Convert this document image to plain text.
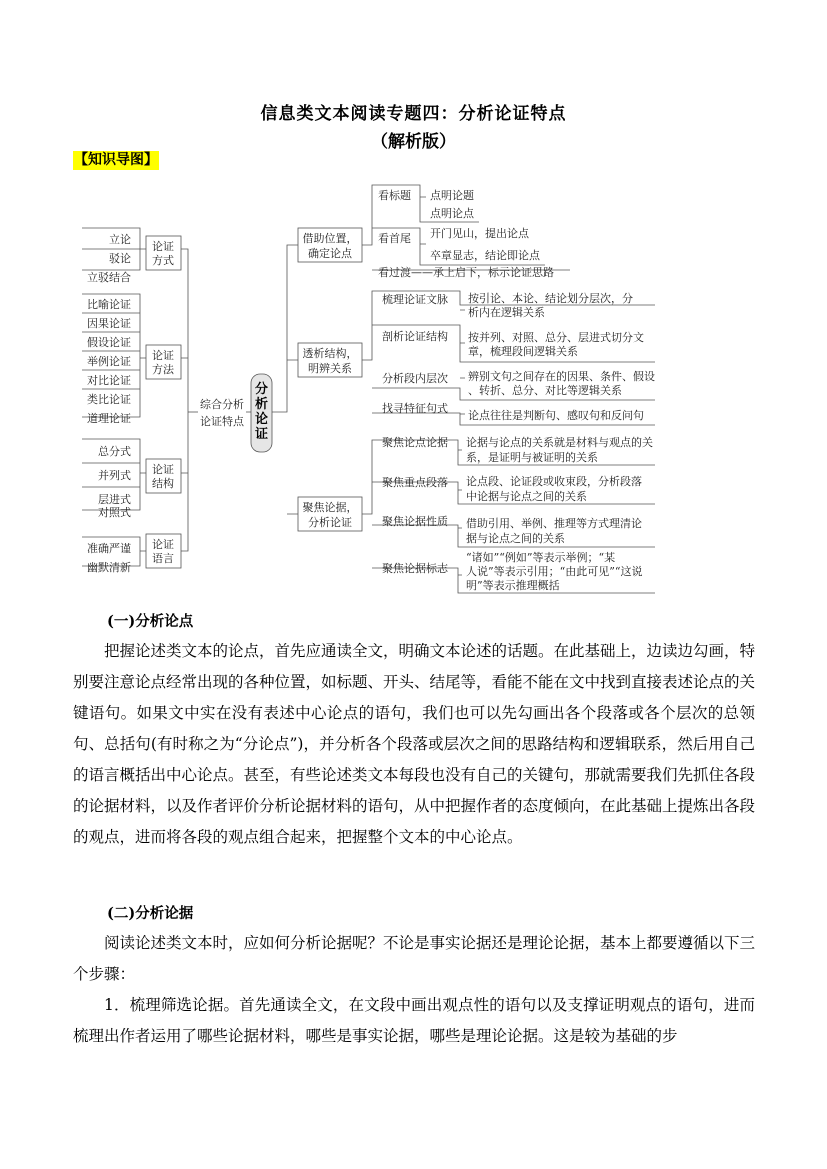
信息类文本阅读专题四：分析论证特点
（解析版）
【知识导图】
立论
驳论
立驳结合
比喻论证
因果论证
假设论证
举例论证
对比论证
类比论证
道理论证
总分式
并列式
层进式
对照式
准确严谨
幽默清新
论证方式
论证方法
论证结构
论证语言
综合分析论证特点
分析论证
借助位置，确定论点
透析结构，明辨关系
聚焦论据，分析论证
看标题 点明论题
点明论点
看首尾 开门见山，提出论点
卒章显志，结论即论点
看过渡——承上启下，标示论证思路
梳理论证文脉 按引论、本论、结论划分层次，分析内在逻辑关系
剖析论证结构 按并列、对照、总分、层进式切分文章，梳理段间逻辑关系
分析段内层次 辨别文句之间存在的因果、条件、假设、转折、总分、对比等逻辑关系
找寻特征句式
论点往往是判断句、感叹句和反问句
聚焦论点论据 论据与论点的关系就是材料与观点的关系，是证明与被证明的关系
聚焦重点段落 论点段、论证段或收束段，分析段落中论据与论点之间的关系
聚焦论据性质 借助引用、举例、推理等方式理清论据与论点之间的关系
聚焦论据标志
“诸如”“例如”等表示举例；“某人说”等表示引用；“由此可见”“这说明”等表示推理概括
(一)分析论点
把握论述类文本的论点，首先应通读全文，明确文本论述的话题。在此基础上，边读边勾画，特别要注意论点经常出现的各种位置，如标题、开头、结尾等，看能不能在文中找到直接表述论点的关键语句。如果文中实在没有表述中心论点的语句，我们也可以先勾画出各个段落或各个层次的总领句、总括句(有时称之为“分论点”)，并分析各个段落或层次之间的思路结构和逻辑联系，然后用自己的语言概括出中心论点。甚至，有些论述类文本每段也没有自己的关键句，那就需要我们先抓住各段的论据材料，以及作者评价分析论据材料的语句，从中把握作者的态度倾向，在此基础上提炼出各段的观点，进而将各段的观点组合起来，把握整个文本的中心论点。
(二)分析论据
阅读论述类文本时，应如何分析论据呢？不论是事实论据还是理论论据，基本上都要遵循以下三个步骤：
1．梳理筛选论据。首先通读全文，在文段中画出观点性的语句以及支撑证明观点的语句，进而梳理出作者运用了哪些论据材料，哪些是事实论据，哪些是理论论据。这是较为基础的步
